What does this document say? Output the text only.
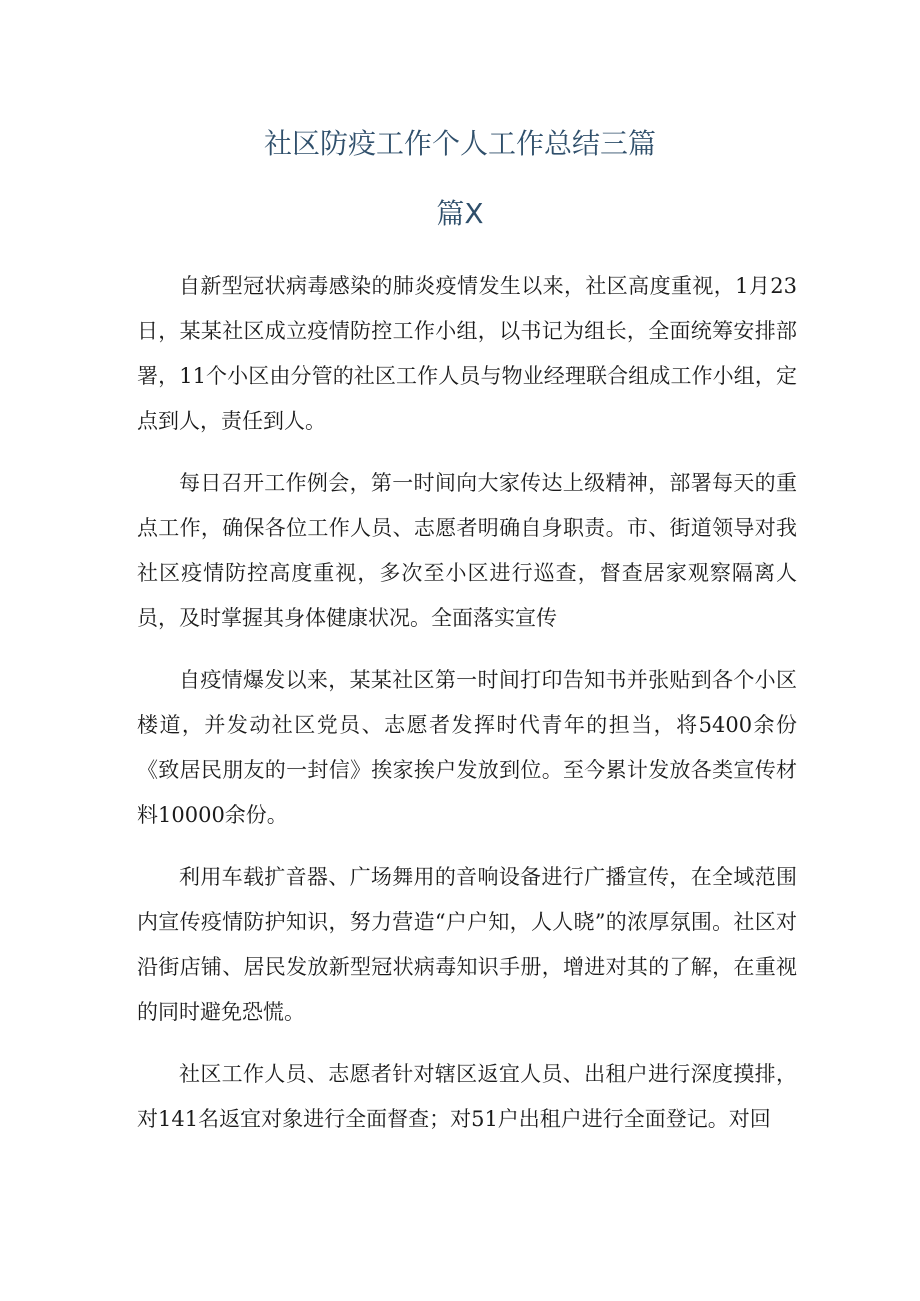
社区防疫工作个人工作总结三篇
篇X

自新型冠状病毒感染的肺炎疫情发生以来，社区高度重视，1月23日，某某社区成立疫情防控工作小组，以书记为组长，全面统筹安排部署，11个小区由分管的社区工作人员与物业经理联合组成工作小组，定点到人，责任到人。

每日召开工作例会，第一时间向大家传达上级精神，部署每天的重点工作，确保各位工作人员、志愿者明确自身职责。市、街道领导对我社区疫情防控高度重视，多次至小区进行巡查，督查居家观察隔离人员，及时掌握其身体健康状况。全面落实宣传

自疫情爆发以来，某某社区第一时间打印告知书并张贴到各个小区楼道，并发动社区党员、志愿者发挥时代青年的担当，将5400余份《致居民朋友的一封信》挨家挨户发放到位。至今累计发放各类宣传材料10000余份。

利用车载扩音器、广场舞用的音响设备进行广播宣传，在全域范围内宣传疫情防护知识，努力营造“户户知，人人晓”的浓厚氛围。社区对沿街店铺、居民发放新型冠状病毒知识手册，增进对其的了解，在重视的同时避免恐慌。

社区工作人员、志愿者针对辖区返宜人员、出租户进行深度摸排，对141名返宜对象进行全面督查；对51户出租户进行全面登记。对回
